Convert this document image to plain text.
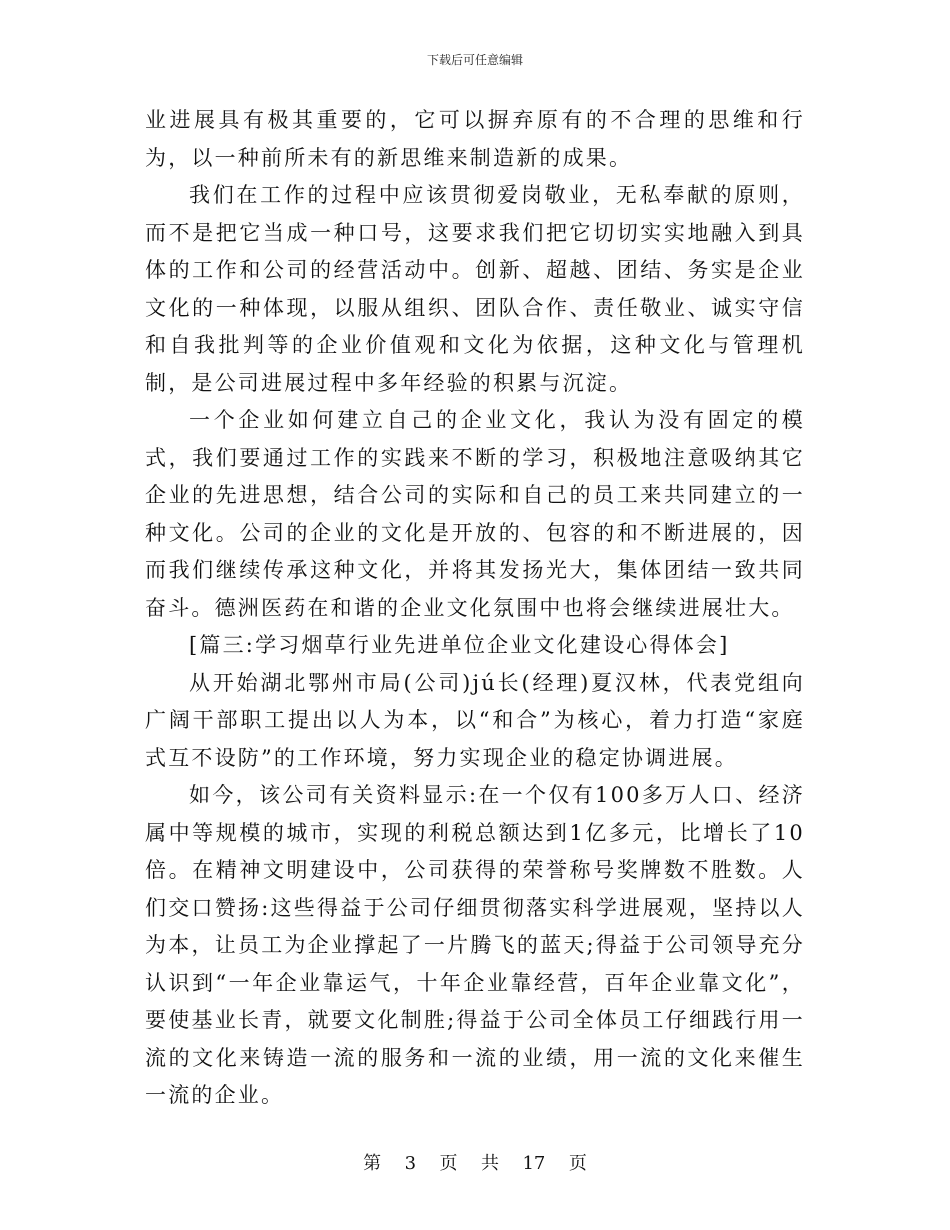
下载后可任意编辑

业进展具有极其重要的，它可以摒弃原有的不合理的思维和行为，以一种前所未有的新思维来制造新的成果。

我们在工作的过程中应该贯彻爱岗敬业，无私奉献的原则，而不是把它当成一种口号，这要求我们把它切切实实地融入到具体的工作和公司的经营活动中。创新、超越、团结、务实是企业文化的一种体现，以服从组织、团队合作、责任敬业、诚实守信和自我批判等的企业价值观和文化为依据，这种文化与管理机制，是公司进展过程中多年经验的积累与沉淀。

一个企业如何建立自己的企业文化，我认为没有固定的模式，我们要通过工作的实践来不断的学习，积极地注意吸纳其它企业的先进思想，结合公司的实际和自己的员工来共同建立的一种文化。公司的企业的文化是开放的、包容的和不断进展的，因而我们继续传承这种文化，并将其发扬光大，集体团结一致共同奋斗。德洲医药在和谐的企业文化氛围中也将会继续进展壮大。

[篇三:学习烟草行业先进单位企业文化建设心得体会]

从开始湖北鄂州市局(公司)jú长(经理)夏汉林，代表党组向广阔干部职工提出以人为本，以“和合”为核心，着力打造“家庭式互不设防”的工作环境，努力实现企业的稳定协调进展。

如今，该公司有关资料显示:在一个仅有100多万人口、经济属中等规模的城市，实现的利税总额达到1亿多元，比增长了10倍。在精神文明建设中，公司获得的荣誉称号奖牌数不胜数。人们交口赞扬:这些得益于公司仔细贯彻落实科学进展观，坚持以人为本，让员工为企业撑起了一片腾飞的蓝天;得益于公司领导充分认识到“一年企业靠运气，十年企业靠经营，百年企业靠文化”，要使基业长青，就要文化制胜;得益于公司全体员工仔细践行用一流的文化来铸造一流的服务和一流的业绩，用一流的文化来催生一流的企业。

第 3 页 共 17 页
